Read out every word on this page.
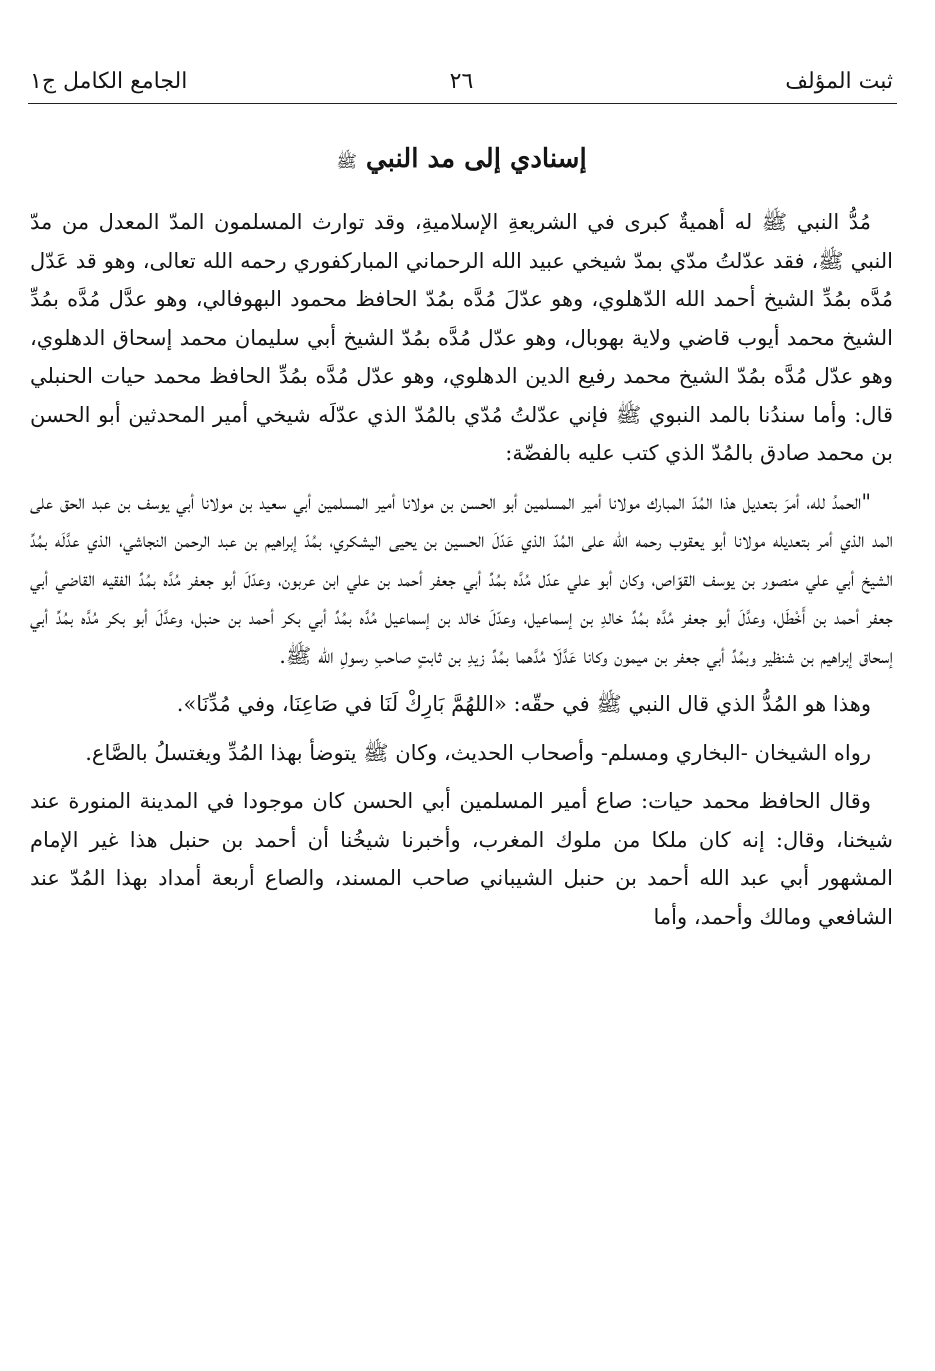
ثبت المؤلف
٢٦
الجامع الكامل ج١
إسنادي إلى مد النبي ﷺ

مُدُّ النبي ﷺ له أهميةٌ كبرى في الشريعةِ الإسلاميةِ، وقد توارث المسلمون المدّ المعدل من مدّ النبي ﷺ، فقد عدّلتُ مدّي بمدّ شيخي عبيد الله الرحماني المباركفوري رحمه الله تعالى، وهو قد عَدّل مُدَّه بمُدِّ الشيخ أحمد الله الدّهلوي، وهو عدّلَ مُدَّه بمُدّ الحافظ محمود البهوفالي، وهو عدَّل مُدَّه بمُدِّ الشيخ محمد أيوب قاضي ولاية بهوبال، وهو عدّل مُدَّه بمُدّ الشيخ أبي سليمان محمد إسحاق الدهلوي، وهو عدّل مُدَّه بمُدّ الشيخ محمد رفيع الدين الدهلوي، وهو عدّل مُدَّه بمُدِّ الحافظ محمد حيات الحنبلي قال: وأما سندُنا بالمد النبوي ﷺ فإني عدّلتُ مُدّي بالمُدّ الذي عدّلَه شيخي أمير المحدثين أبو الحسن بن محمد صادق بالمُدّ الذي كتب عليه بالفضّة:

"الحمدُ لله، أمرَ بتعديل هذا المُدّ المبارك مولانا أمير المسلمين أبو الحسن بن مولانا أمير المسلمين أبي سعيد بن مولانا أبي يوسف بن عبد الحق على المد الذي أمر بتعديله مولانا أبو يعقوب رحمه الله على المُدّ الذي عَدّلَ الحسين بن يحيى اليشكري، بمُدّ إبراهيم بن عبد الرحمن النجاشي، الذي عدَّلَه بمُدِّ الشيخ أبي علي منصور بن يوسف القوّاص، وكان أبو علي عدّل مُدَّه بمُدِّ أبي جعفر أحمد بن علي ابن عربون، وعدّلَ أبو جعفر مُدَّه بمُدِّ الفقيه القاضي أبي جعفر أحمد بن أَخْطَل، وعدَّلَ أبو جعفر مُدَّه بمُدِّ خالدِ بن إسماعيل، وعدّلَ خالد بن إسماعيل مُدَّه بمُدِّ أبي بكر أحمد بن حنبل، وعدَّلَ أبو بكر مُدَّه بمُدِّ أبي إسحاق إبراهيم بن شنظير وبمُدِّ أبي جعفر بن ميمون وكانا عَدَّلَا مُدَّهما بمُدِّ زيدِ بن ثابتٍ صاحبِ رسولِ الله ﷺ.

وهذا هو المُدُّ الذي قال النبي ﷺ في حقّه: «اللهُمَّ بَارِكْ لَنَا في صَاعِنَا، وفي مُدِّنَا».

رواه الشيخان -البخاري ومسلم- وأصحاب الحديث، وكان ﷺ يتوضأ بهذا المُدِّ ويغتسلُ بالصَّاع.

وقال الحافظ محمد حيات: صاع أمير المسلمين أبي الحسن كان موجودا في المدينة المنورة عند شيخنا، وقال: إنه كان ملكا من ملوك المغرب، وأخبرنا شيخُنا أن أحمد بن حنبل هذا غير الإمام المشهور أبي عبد الله أحمد بن حنبل الشيباني صاحب المسند، والصاع أربعة أمداد بهذا المُدّ عند الشافعي ومالك وأحمد، وأما
